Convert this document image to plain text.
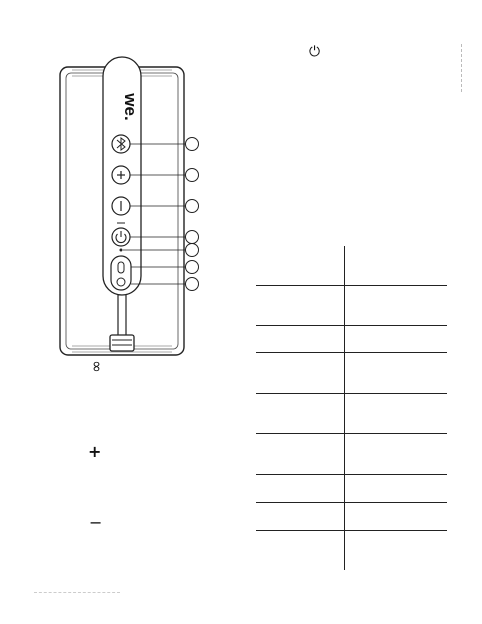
⏻
we.
∞
+
−
